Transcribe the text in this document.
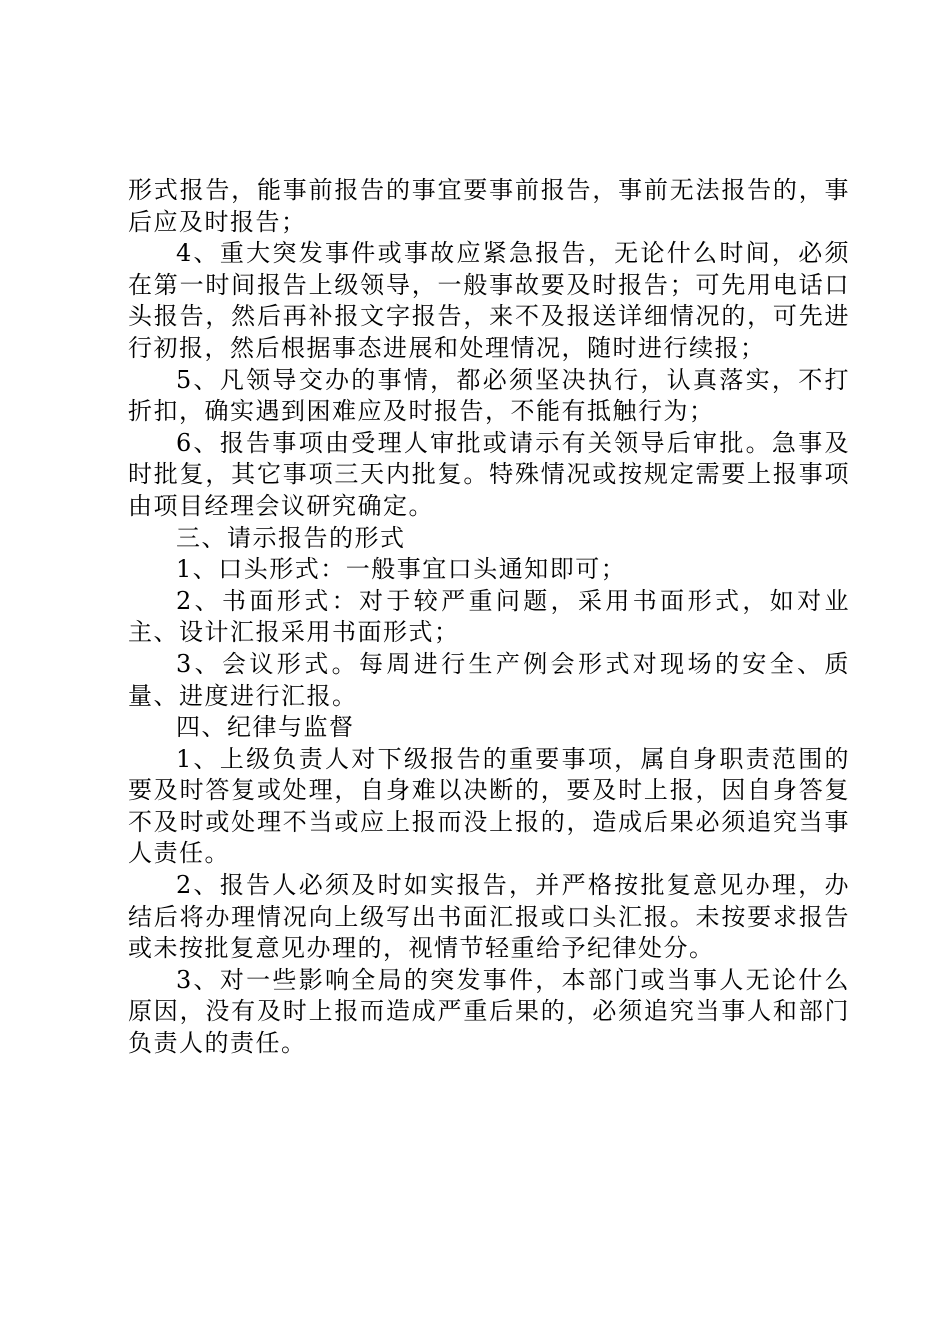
形式报告，能事前报告的事宜要事前报告，事前无法报告的，事后应及时报告；

4、重大突发事件或事故应紧急报告，无论什么时间，必须在第一时间报告上级领导，一般事故要及时报告；可先用电话口头报告，然后再补报文字报告，来不及报送详细情况的，可先进行初报，然后根据事态进展和处理情况，随时进行续报；

5、凡领导交办的事情，都必须坚决执行，认真落实，不打折扣，确实遇到困难应及时报告，不能有抵触行为；

6、报告事项由受理人审批或请示有关领导后审批。急事及时批复，其它事项三天内批复。特殊情况或按规定需要上报事项由项目经理会议研究确定。

三、请示报告的形式

1、口头形式：一般事宜口头通知即可；

2、书面形式：对于较严重问题，采用书面形式，如对业主、设计汇报采用书面形式；

3、会议形式。每周进行生产例会形式对现场的安全、质量、进度进行汇报。

四、纪律与监督

1、上级负责人对下级报告的重要事项，属自身职责范围的要及时答复或处理，自身难以决断的，要及时上报，因自身答复不及时或处理不当或应上报而没上报的，造成后果必须追究当事人责任。

2、报告人必须及时如实报告，并严格按批复意见办理，办结后将办理情况向上级写出书面汇报或口头汇报。未按要求报告或未按批复意见办理的，视情节轻重给予纪律处分。

3、对一些影响全局的突发事件，本部门或当事人无论什么原因，没有及时上报而造成严重后果的，必须追究当事人和部门负责人的责任。
